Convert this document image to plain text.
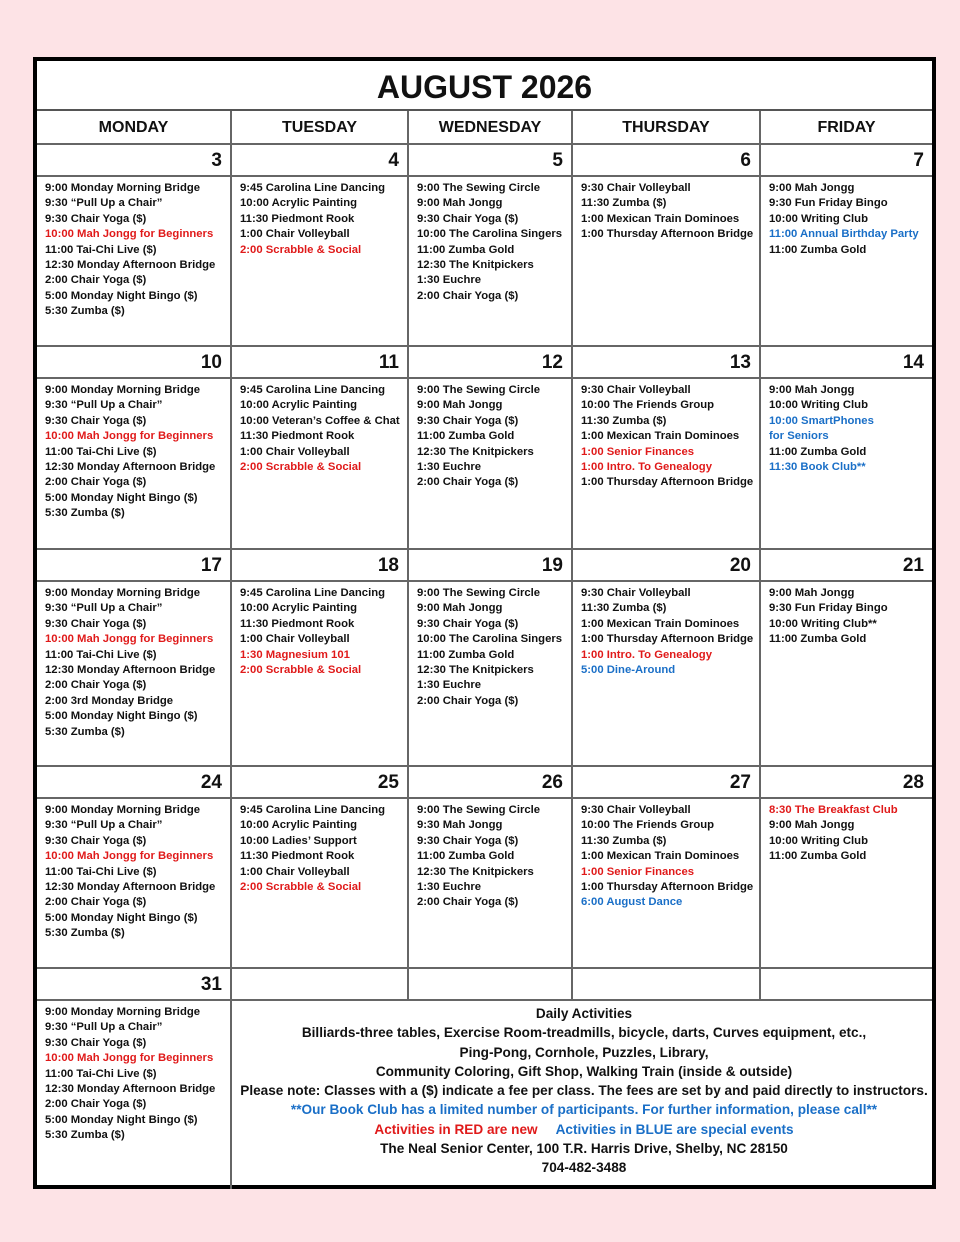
AUGUST 2026
MONDAY	TUESDAY	WEDNESDAY	THURSDAY	FRIDAY
3
9:00 Monday Morning Bridge
9:30 “Pull Up a Chair”
9:30 Chair Yoga ($)
10:00 Mah Jongg for Beginners
11:00 Tai-Chi Live ($)
12:30 Monday Afternoon Bridge
2:00 Chair Yoga ($)
5:00 Monday Night Bingo ($)
5:30 Zumba ($)
4
9:45 Carolina Line Dancing
10:00 Acrylic Painting
11:30 Piedmont Rook
1:00 Chair Volleyball
2:00 Scrabble & Social
5
9:00 The Sewing Circle
9:00 Mah Jongg
9:30 Chair Yoga ($)
10:00 The Carolina Singers
11:00 Zumba Gold
12:30 The Knitpickers
1:30 Euchre
2:00 Chair Yoga ($)
6
9:30 Chair Volleyball
11:30 Zumba ($)
1:00 Mexican Train Dominoes
1:00 Thursday Afternoon Bridge
7
9:00 Mah Jongg
9:30 Fun Friday Bingo
10:00 Writing Club
11:00 Annual Birthday Party
11:00 Zumba Gold
10
9:00 Monday Morning Bridge
9:30 “Pull Up a Chair”
9:30 Chair Yoga ($)
10:00 Mah Jongg for Beginners
11:00 Tai-Chi Live ($)
12:30 Monday Afternoon Bridge
2:00 Chair Yoga ($)
5:00 Monday Night Bingo ($)
5:30 Zumba ($)
11
9:45 Carolina Line Dancing
10:00 Acrylic Painting
10:00 Veteran’s Coffee & Chat
11:30 Piedmont Rook
1:00 Chair Volleyball
2:00 Scrabble & Social
12
9:00 The Sewing Circle
9:00 Mah Jongg
9:30 Chair Yoga ($)
11:00 Zumba Gold
12:30 The Knitpickers
1:30 Euchre
2:00 Chair Yoga ($)
13
9:30 Chair Volleyball
10:00 The Friends Group
11:30 Zumba ($)
1:00 Mexican Train Dominoes
1:00 Senior Finances
1:00 Intro. To Genealogy
1:00 Thursday Afternoon Bridge
14
9:00 Mah Jongg
10:00 Writing Club
10:00 SmartPhones
for Seniors
11:00 Zumba Gold
11:30 Book Club**
17
9:00 Monday Morning Bridge
9:30 “Pull Up a Chair”
9:30 Chair Yoga ($)
10:00 Mah Jongg for Beginners
11:00 Tai-Chi Live ($)
12:30 Monday Afternoon Bridge
2:00 Chair Yoga ($)
2:00 3rd Monday Bridge
5:00 Monday Night Bingo ($)
5:30 Zumba ($)
18
9:45 Carolina Line Dancing
10:00 Acrylic Painting
11:30 Piedmont Rook
1:00 Chair Volleyball
1:30 Magnesium 101
2:00 Scrabble & Social
19
9:00 The Sewing Circle
9:00 Mah Jongg
9:30 Chair Yoga ($)
10:00 The Carolina Singers
11:00 Zumba Gold
12:30 The Knitpickers
1:30 Euchre
2:00 Chair Yoga ($)
20
9:30 Chair Volleyball
11:30 Zumba ($)
1:00 Mexican Train Dominoes
1:00 Thursday Afternoon Bridge
1:00 Intro. To Genealogy
5:00 Dine-Around
21
9:00 Mah Jongg
9:30 Fun Friday Bingo
10:00 Writing Club**
11:00 Zumba Gold
24
9:00 Monday Morning Bridge
9:30 “Pull Up a Chair”
9:30 Chair Yoga ($)
10:00 Mah Jongg for Beginners
11:00 Tai-Chi Live ($)
12:30 Monday Afternoon Bridge
2:00 Chair Yoga ($)
5:00 Monday Night Bingo ($)
5:30 Zumba ($)
25
9:45 Carolina Line Dancing
10:00 Acrylic Painting
10:00 Ladies’ Support
11:30 Piedmont Rook
1:00 Chair Volleyball
2:00 Scrabble & Social
26
9:00 The Sewing Circle
9:30 Mah Jongg
9:30 Chair Yoga ($)
11:00 Zumba Gold
12:30 The Knitpickers
1:30 Euchre
2:00 Chair Yoga ($)
27
9:30 Chair Volleyball
10:00 The Friends Group
11:30 Zumba ($)
1:00 Mexican Train Dominoes
1:00 Senior Finances
1:00 Thursday Afternoon Bridge
6:00 August Dance
28
8:30 The Breakfast Club
9:00 Mah Jongg
10:00 Writing Club
11:00 Zumba Gold
31
9:00 Monday Morning Bridge
9:30 “Pull Up a Chair”
9:30 Chair Yoga ($)
10:00 Mah Jongg for Beginners
11:00 Tai-Chi Live ($)
12:30 Monday Afternoon Bridge
2:00 Chair Yoga ($)
5:00 Monday Night Bingo ($)
5:30 Zumba ($)
Daily Activities
Billiards-three tables, Exercise Room-treadmills, bicycle, darts, Curves equipment, etc.,
Ping-Pong, Cornhole, Puzzles, Library,
Community Coloring, Gift Shop, Walking Train (inside & outside)
Please note: Classes with a ($) indicate a fee per class. The fees are set by and paid directly to instructors.
**Our Book Club has a limited number of participants. For further information, please call**
Activities in RED are new Activities in BLUE are special events
The Neal Senior Center, 100 T.R. Harris Drive, Shelby, NC 28150
704-482-3488
